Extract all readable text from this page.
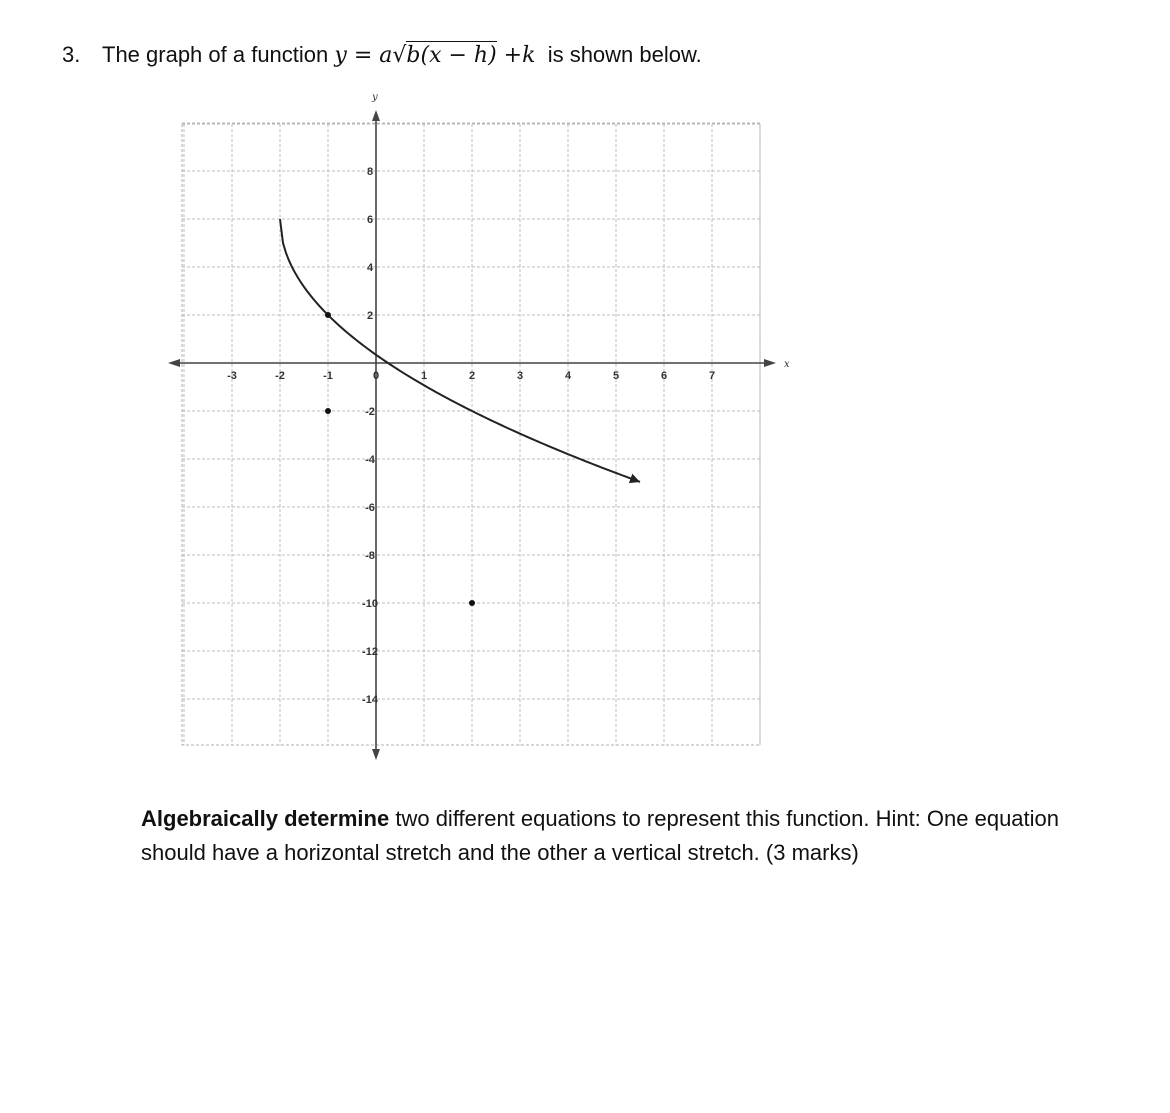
x
y
-3	-2	-1	0	1	2	3	4	5	6	7
8
6
4
2
-2
-4
-6
-8
-10
-12
-14
3. The graph of a function y = a√b(x − h) +k is shown below.
Algebraically determine two different equations to represent this function. Hint: One equation should have a horizontal stretch and the other a vertical stretch. (3 marks)
